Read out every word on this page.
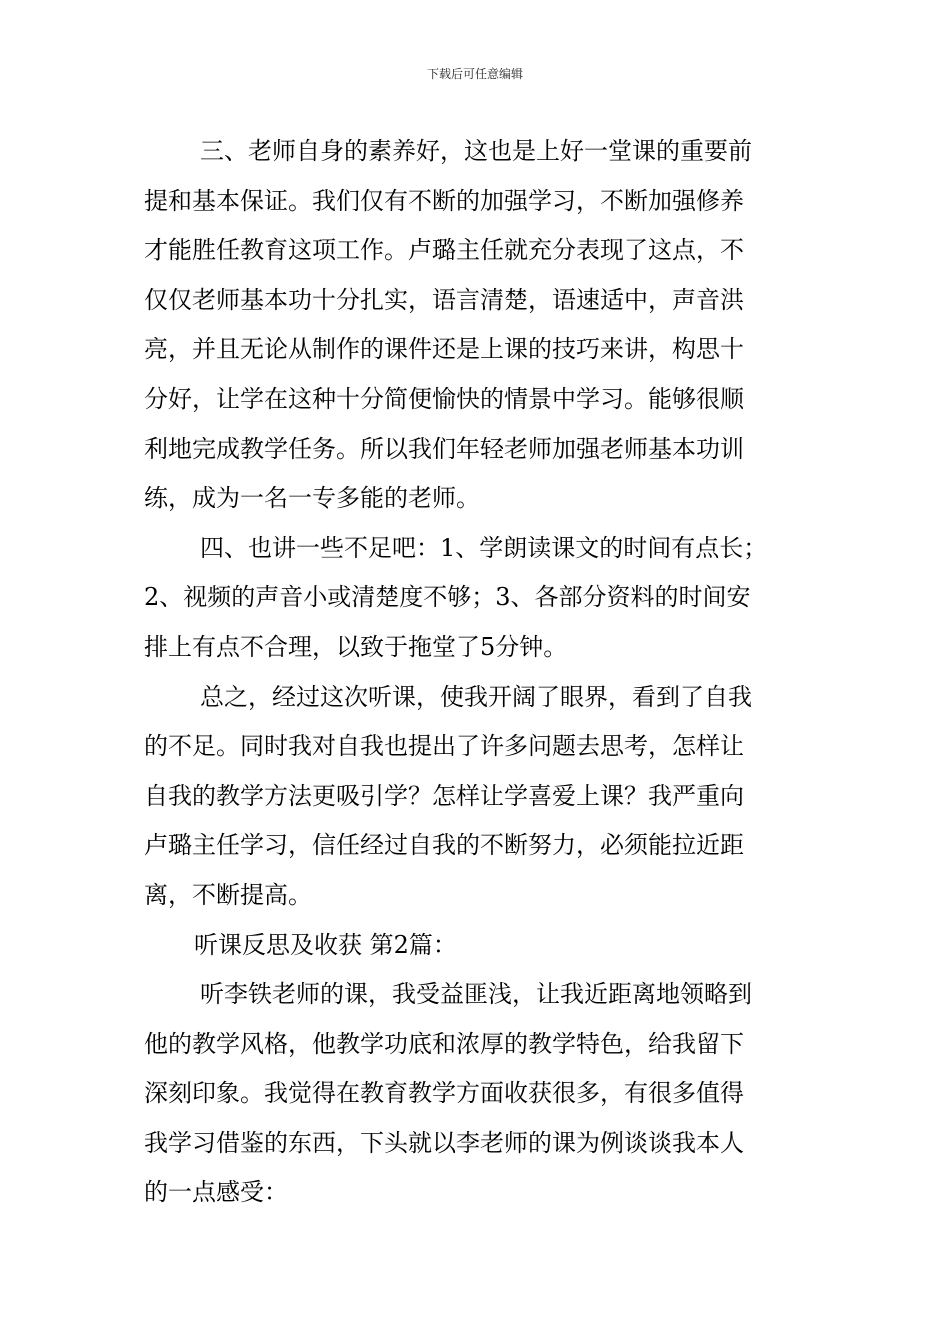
下载后可任意编辑
三、老师自身的素养好，这也是上好一堂课的重要前
提和基本保证。我们仅有不断的加强学习，不断加强修养
才能胜任教育这项工作。卢璐主任就充分表现了这点，不
仅仅老师基本功十分扎实，语言清楚，语速适中，声音洪
亮，并且无论从制作的课件还是上课的技巧来讲，构思十
分好，让学在这种十分简便愉快的情景中学习。能够很顺
利地完成教学任务。所以我们年轻老师加强老师基本功训
练，成为一名一专多能的老师。
四、也讲一些不足吧：1、学朗读课文的时间有点长；
2、视频的声音小或清楚度不够；3、各部分资料的时间安
排上有点不合理，以致于拖堂了5分钟。
总之，经过这次听课，使我开阔了眼界，看到了自我
的不足。同时我对自我也提出了许多问题去思考，怎样让
自我的教学方法更吸引学？怎样让学喜爱上课？我严重向
卢璐主任学习，信任经过自我的不断努力，必须能拉近距
离，不断提高。
听课反思及收获 第2篇：
听李铁老师的课，我受益匪浅，让我近距离地领略到
他的教学风格，他教学功底和浓厚的教学特色，给我留下
深刻印象。我觉得在教育教学方面收获很多，有很多值得
我学习借鉴的东西，下头就以李老师的课为例谈谈我本人
的一点感受：
